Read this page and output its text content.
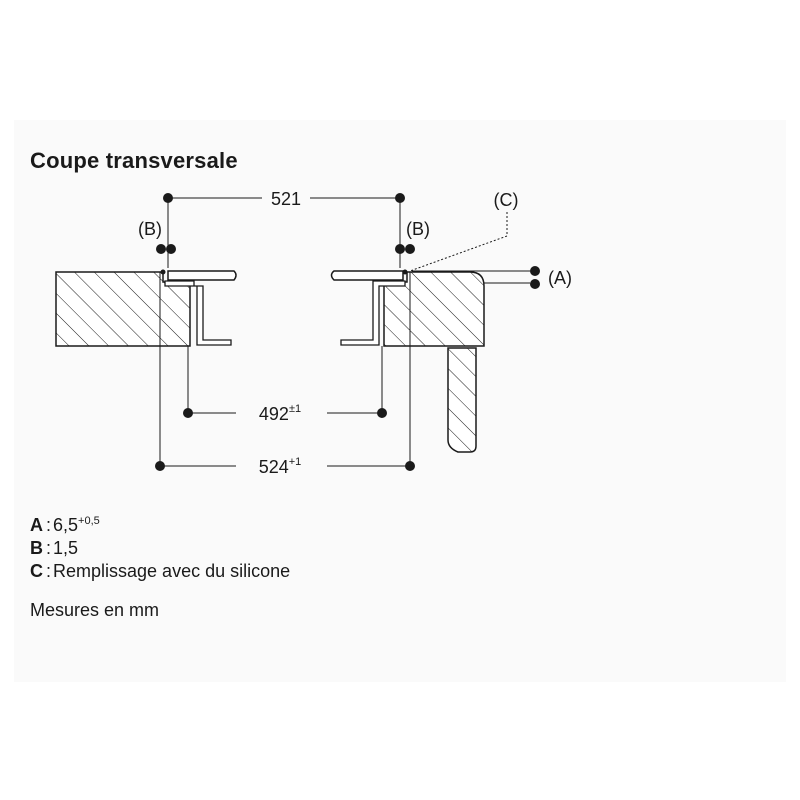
Coupe transversale
521
$492^{\pm 1}$
$524^{+1}$
(B)	(B)
(C)
(A)
A : $6,5^{+0,5}$
B : 1,5
C : Remplissage avec du silicone
Mesures en mm
